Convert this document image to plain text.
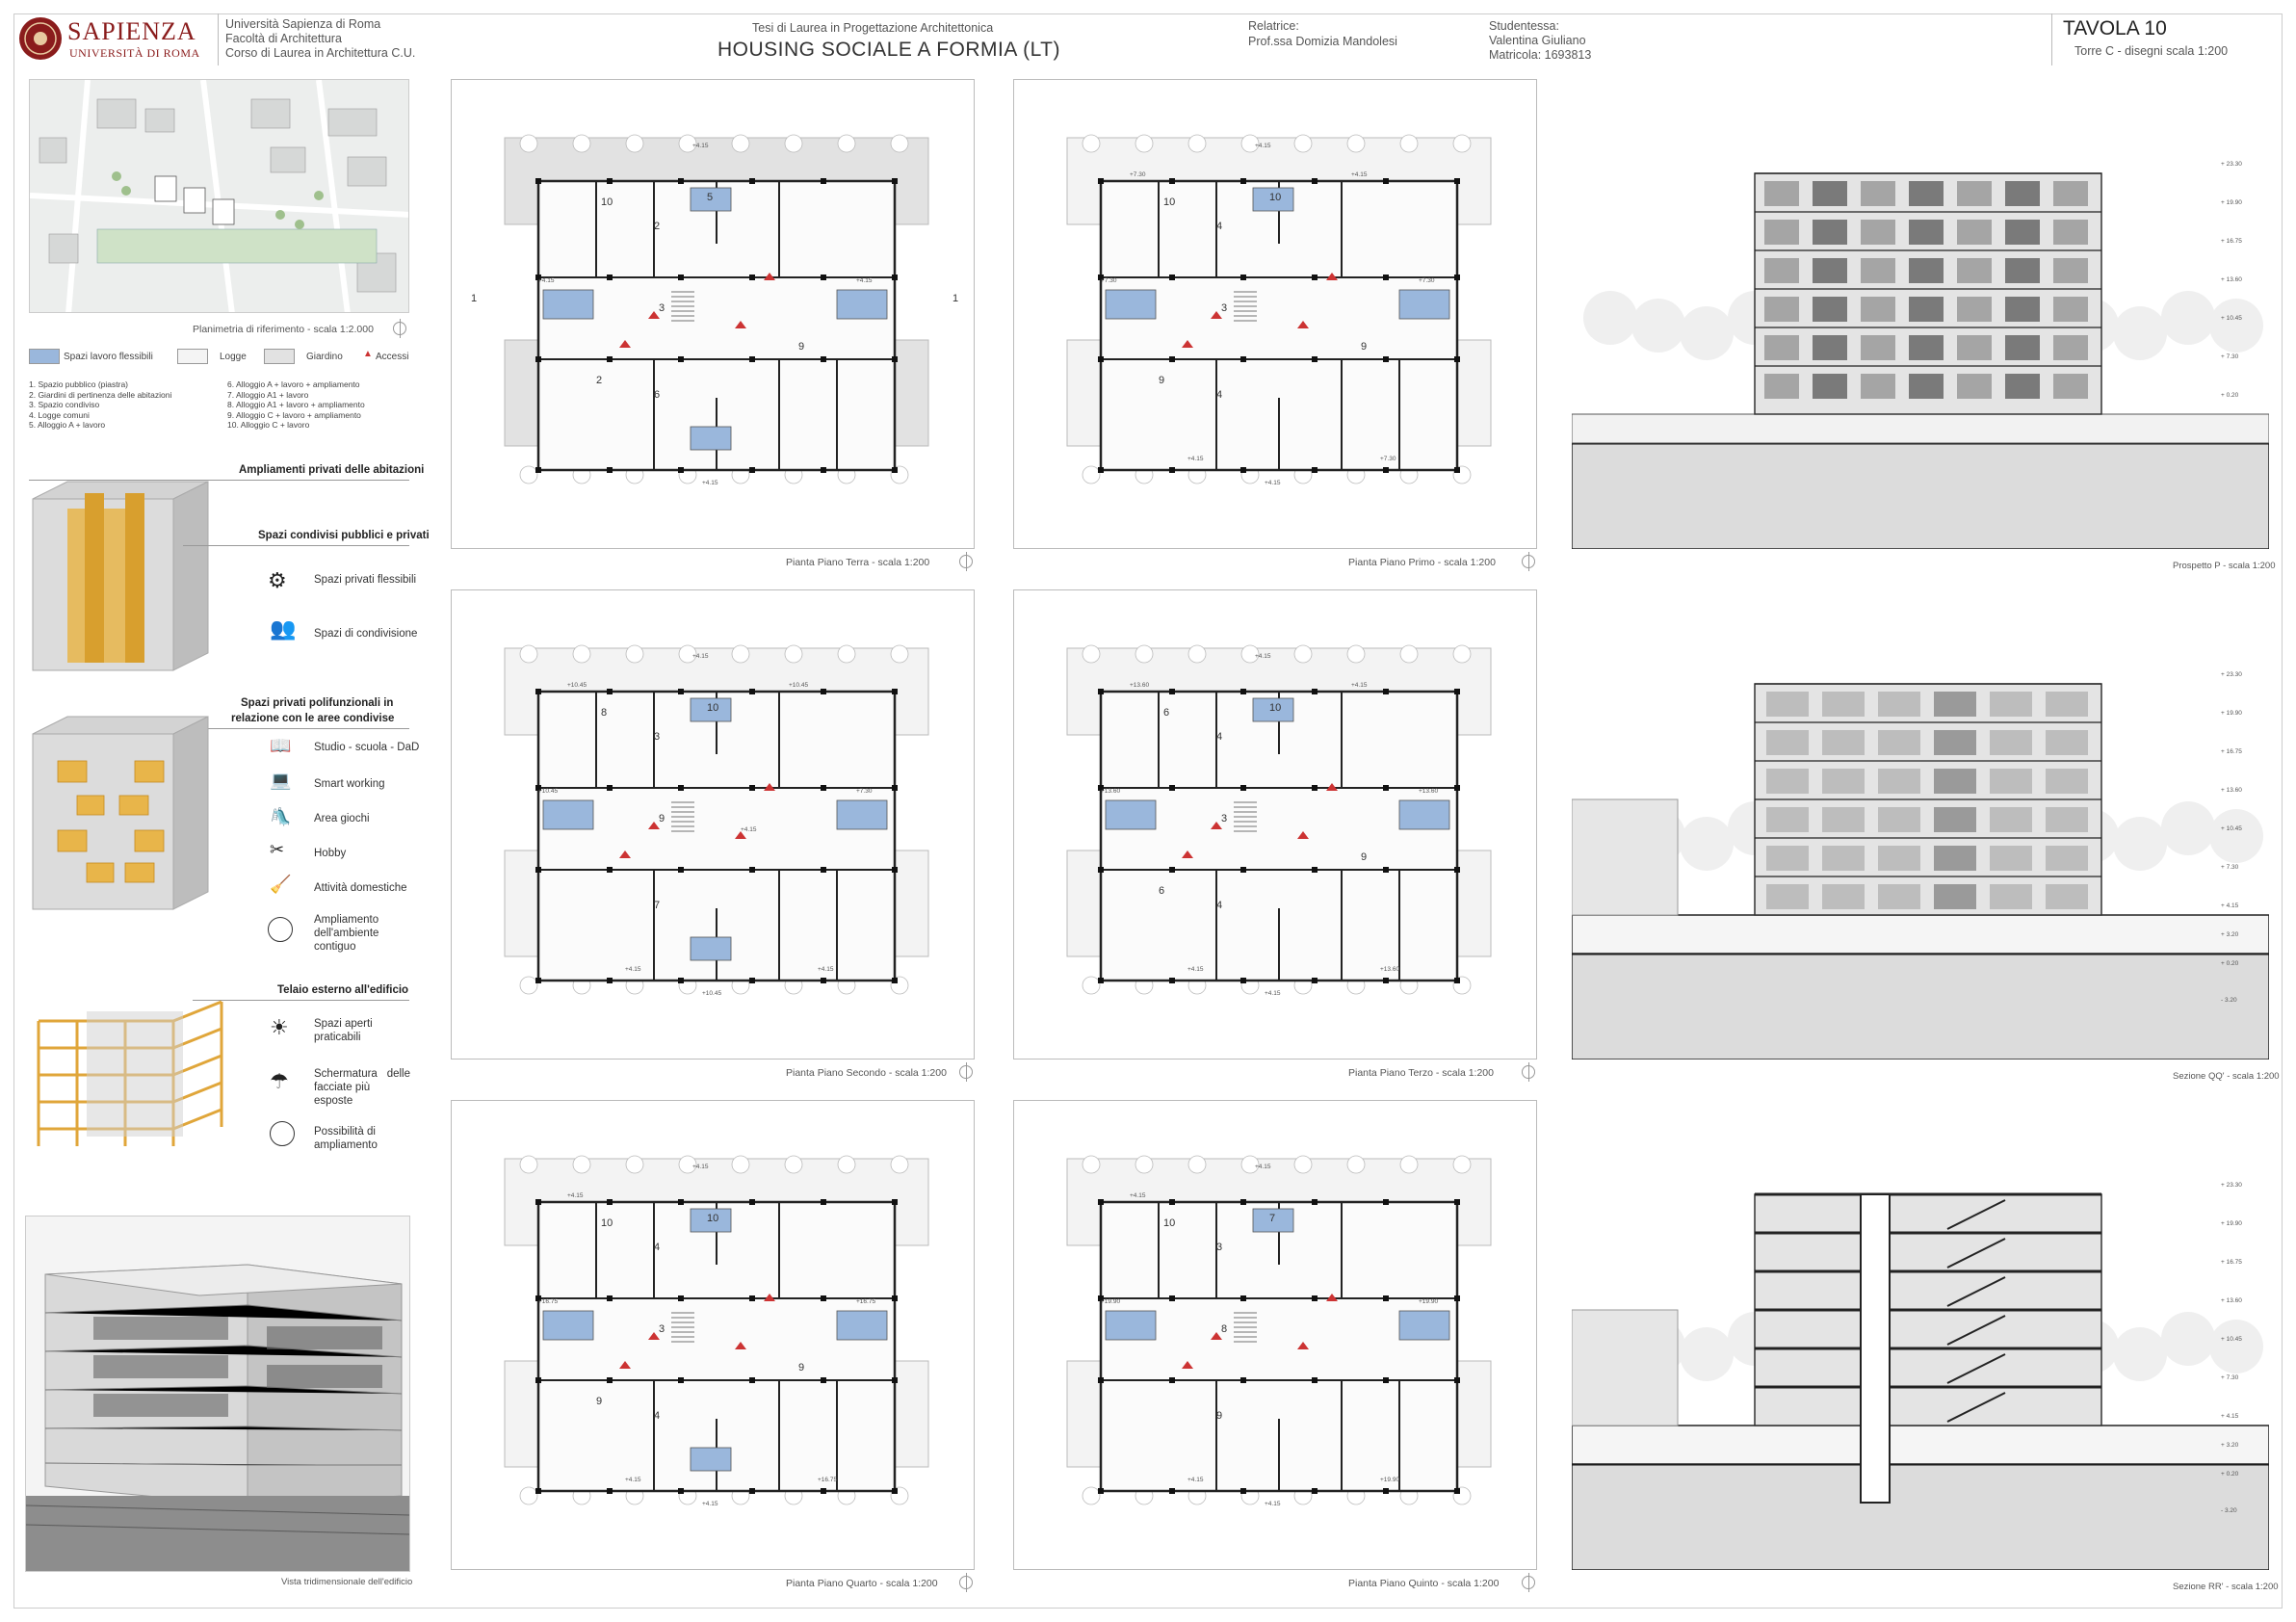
SAPIENZA
UNIVERSITÀ DI ROMA
Università Sapienza di Roma
Facoltà di Architettura
Corso di Laurea in Architettura C.U.
Tesi di Laurea in Progettazione Architettonica
HOUSING SOCIALE A FORMIA (LT)
Relatrice:
Prof.ssa Domizia Mandolesi
Studentessa:
Valentina Giuliano
Matricola: 1693813
TAVOLA 10
Torre C - disegni scala 1:200
Planimetria di riferimento - scala 1:2.000
Spazi lavoro flessibili	Logge	Giardino ▲ Accessi
1. Spazio pubblico (piastra)
2. Giardini di pertinenza delle abitazioni
3. Spazio condiviso
4. Logge comuni
5. Alloggio A + lavoro
6. Alloggio A + lavoro + ampliamento
7. Alloggio A1 + lavoro
8. Alloggio A1 + lavoro + ampliamento
9. Alloggio C + lavoro + ampliamento
10. Alloggio C + lavoro
Ampliamenti privati delle abitazioni
Spazi condivisi pubblici e privati
⚙ Spazi privati flessibili
👥 Spazi di condivisione
Spazi privati polifunzionali in
relazione con le aree condivise
📖 Studio - scuola - DaD
💻 Smart working
🛝 Area giochi
✂	Hobby
🧹 Attività domestiche
Ampliamento
dell'ambiente
contiguo
Telaio esterno all'edificio
☀ Spazi aperti
praticabili
☂ Schermatura delle
facciate più esposte
Possibilità di
ampliamento
Vista tridimensionale dell'edificio
10	5
2
3
6
9
2
1	1
+4.15
+4.15	+4.15
+4.15
Pianta Piano Terra - scala 1:200
10	10
4
3
4
9
9
+4.15
+7.30	+7.30
+4.15
+4.15	+7.30
+7.30	+4.15
Pianta Piano Primo - scala 1:200
8	10
3
9
7
+4.15
+10.45	+7.30
+10.45
+4.15	+4.15
+10.45	+10.45
+4.15
Pianta Piano Secondo - scala 1:200
6	10
4
3
4
9
6
+4.15
+13.60	+13.60
+4.15
+4.15	+13.60
+13.60	+4.15
Pianta Piano Terzo - scala 1:200
10	10
4
3
4
9
9
+4.15
+16.75	+16.75
+4.15
+4.15	+16.75
+4.15
Pianta Piano Quarto - scala 1:200
10	7
3
8
9
+4.15
+19.90	+19.90
+4.15
+4.15	+19.90
+4.15
Pianta Piano Quinto - scala 1:200
+ 23.30
+ 19.90
+ 16.75
+ 13.60
+ 10.45
+ 7.30
+ 0.20
Prospetto P - scala 1:200
+ 23.30
+ 19.90
+ 16.75
+ 13.60
+ 10.45
+ 7.30
+ 4.15
+ 3.20
+ 0.20
- 3.20
Sezione QQ' - scala 1:200
+ 23.30
+ 19.90
+ 16.75
+ 13.60
+ 10.45
+ 7.30
+ 4.15
+ 3.20
+ 0.20
- 3.20
Sezione RR' - scala 1:200
